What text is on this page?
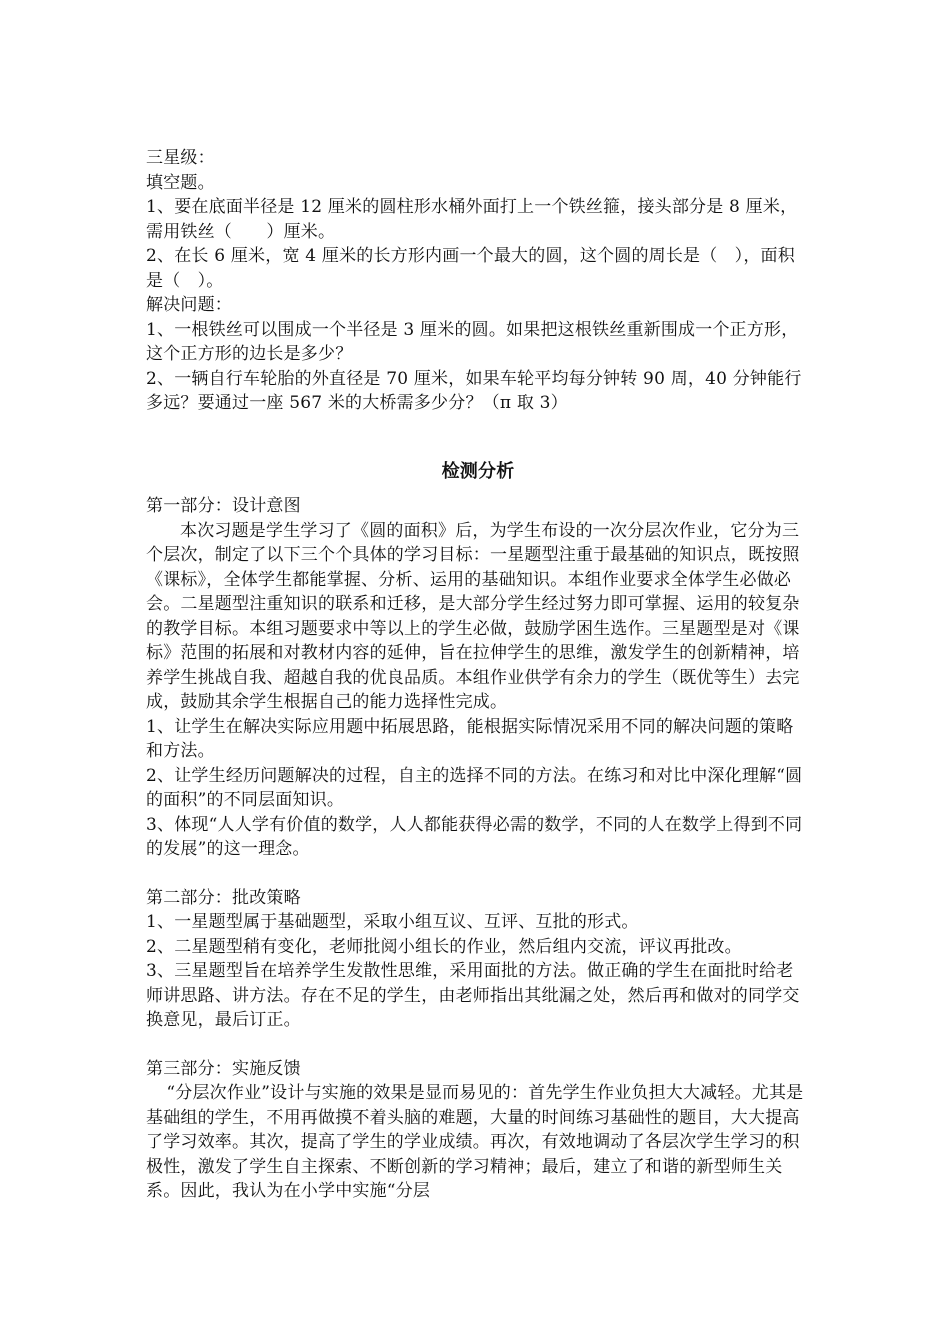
三星级：
填空题。
1、要在底面半径是 12 厘米的圆柱形水桶外面打上一个铁丝箍，接头部分是 8 厘米，需用铁丝（　　）厘米。
2、在长 6 厘米，宽 4 厘米的长方形内画一个最大的圆，这个圆的周长是（　），面积是（　）。
解决问题：
1、一根铁丝可以围成一个半径是 3 厘米的圆。如果把这根铁丝重新围成一个正方形，这个正方形的边长是多少？
2、一辆自行车轮胎的外直径是 70 厘米，如果车轮平均每分钟转 90 周，40 分钟能行多远？要通过一座 567 米的大桥需多少分？（π 取 3）
检测分析
第一部分：设计意图
本次习题是学生学习了《圆的面积》后，为学生布设的一次分层次作业，它分为三个层次，制定了以下三个个具体的学习目标：一星题型注重于最基础的知识点，既按照《课标》，全体学生都能掌握、分析、运用的基础知识。本组作业要求全体学生必做必会。二星题型注重知识的联系和迁移，是大部分学生经过努力即可掌握、运用的较复杂的教学目标。本组习题要求中等以上的学生必做，鼓励学困生选作。三星题型是对《课标》范围的拓展和对教材内容的延伸，旨在拉伸学生的思维，激发学生的创新精神，培养学生挑战自我、超越自我的优良品质。本组作业供学有余力的学生（既优等生）去完成，鼓励其余学生根据自己的能力选择性完成。
1、让学生在解决实际应用题中拓展思路，能根据实际情况采用不同的解决问题的策略和方法。
2、让学生经历问题解决的过程，自主的选择不同的方法。在练习和对比中深化理解“圆的面积”的不同层面知识。
3、体现“人人学有价值的数学，人人都能获得必需的数学，不同的人在数学上得到不同的发展”的这一理念。
第二部分：批改策略
1、一星题型属于基础题型，采取小组互议、互评、互批的形式。
2、二星题型稍有变化，老师批阅小组长的作业，然后组内交流，评议再批改。
3、三星题型旨在培养学生发散性思维，采用面批的方法。做正确的学生在面批时给老师讲思路、讲方法。存在不足的学生，由老师指出其纰漏之处，然后再和做对的同学交换意见，最后订正。
第三部分：实施反馈
“分层次作业”设计与实施的效果是显而易见的：首先学生作业负担大大减轻。尤其是基础组的学生，不用再做摸不着头脑的难题，大量的时间练习基础性的题目，大大提高了学习效率。其次，提高了学生的学业成绩。再次，有效地调动了各层次学生学习的积极性，激发了学生自主探索、不断创新的学习精神；最后，建立了和谐的新型师生关系。因此，我认为在小学中实施“分层
